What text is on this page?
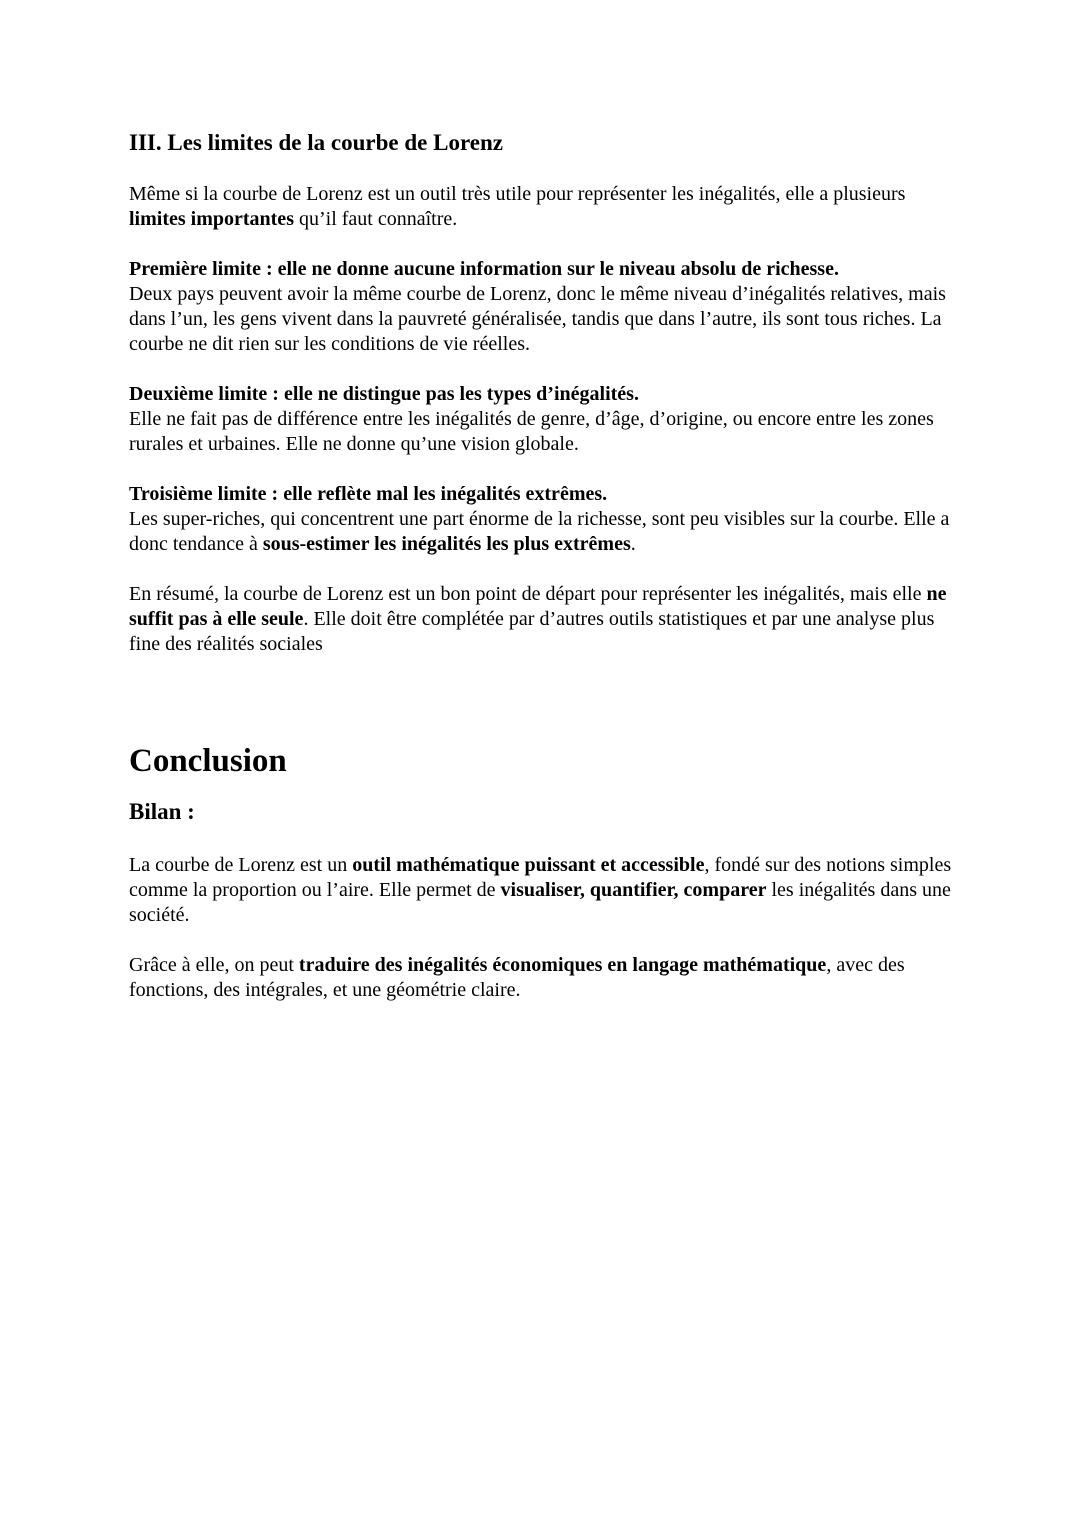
III. Les limites de la courbe de Lorenz

Même si la courbe de Lorenz est un outil très utile pour représenter les inégalités, elle a plusieurs limites importantes qu’il faut connaître.

Première limite : elle ne donne aucune information sur le niveau absolu de richesse.
Deux pays peuvent avoir la même courbe de Lorenz, donc le même niveau d’inégalités relatives, mais dans l’un, les gens vivent dans la pauvreté généralisée, tandis que dans l’autre, ils sont tous riches. La courbe ne dit rien sur les conditions de vie réelles.

Deuxième limite : elle ne distingue pas les types d’inégalités.
Elle ne fait pas de différence entre les inégalités de genre, d’âge, d’origine, ou encore entre les zones rurales et urbaines. Elle ne donne qu’une vision globale.

Troisième limite : elle reflète mal les inégalités extrêmes.
Les super-riches, qui concentrent une part énorme de la richesse, sont peu visibles sur la courbe. Elle a donc tendance à sous-estimer les inégalités les plus extrêmes.

En résumé, la courbe de Lorenz est un bon point de départ pour représenter les inégalités, mais elle ne suffit pas à elle seule. Elle doit être complétée par d’autres outils statistiques et par une analyse plus fine des réalités sociales

Conclusion
Bilan :

La courbe de Lorenz est un outil mathématique puissant et accessible, fondé sur des notions simples comme la proportion ou l’aire. Elle permet de visualiser, quantifier, comparer les inégalités dans une société.

Grâce à elle, on peut traduire des inégalités économiques en langage mathématique, avec des fonctions, des intégrales, et une géométrie claire.
